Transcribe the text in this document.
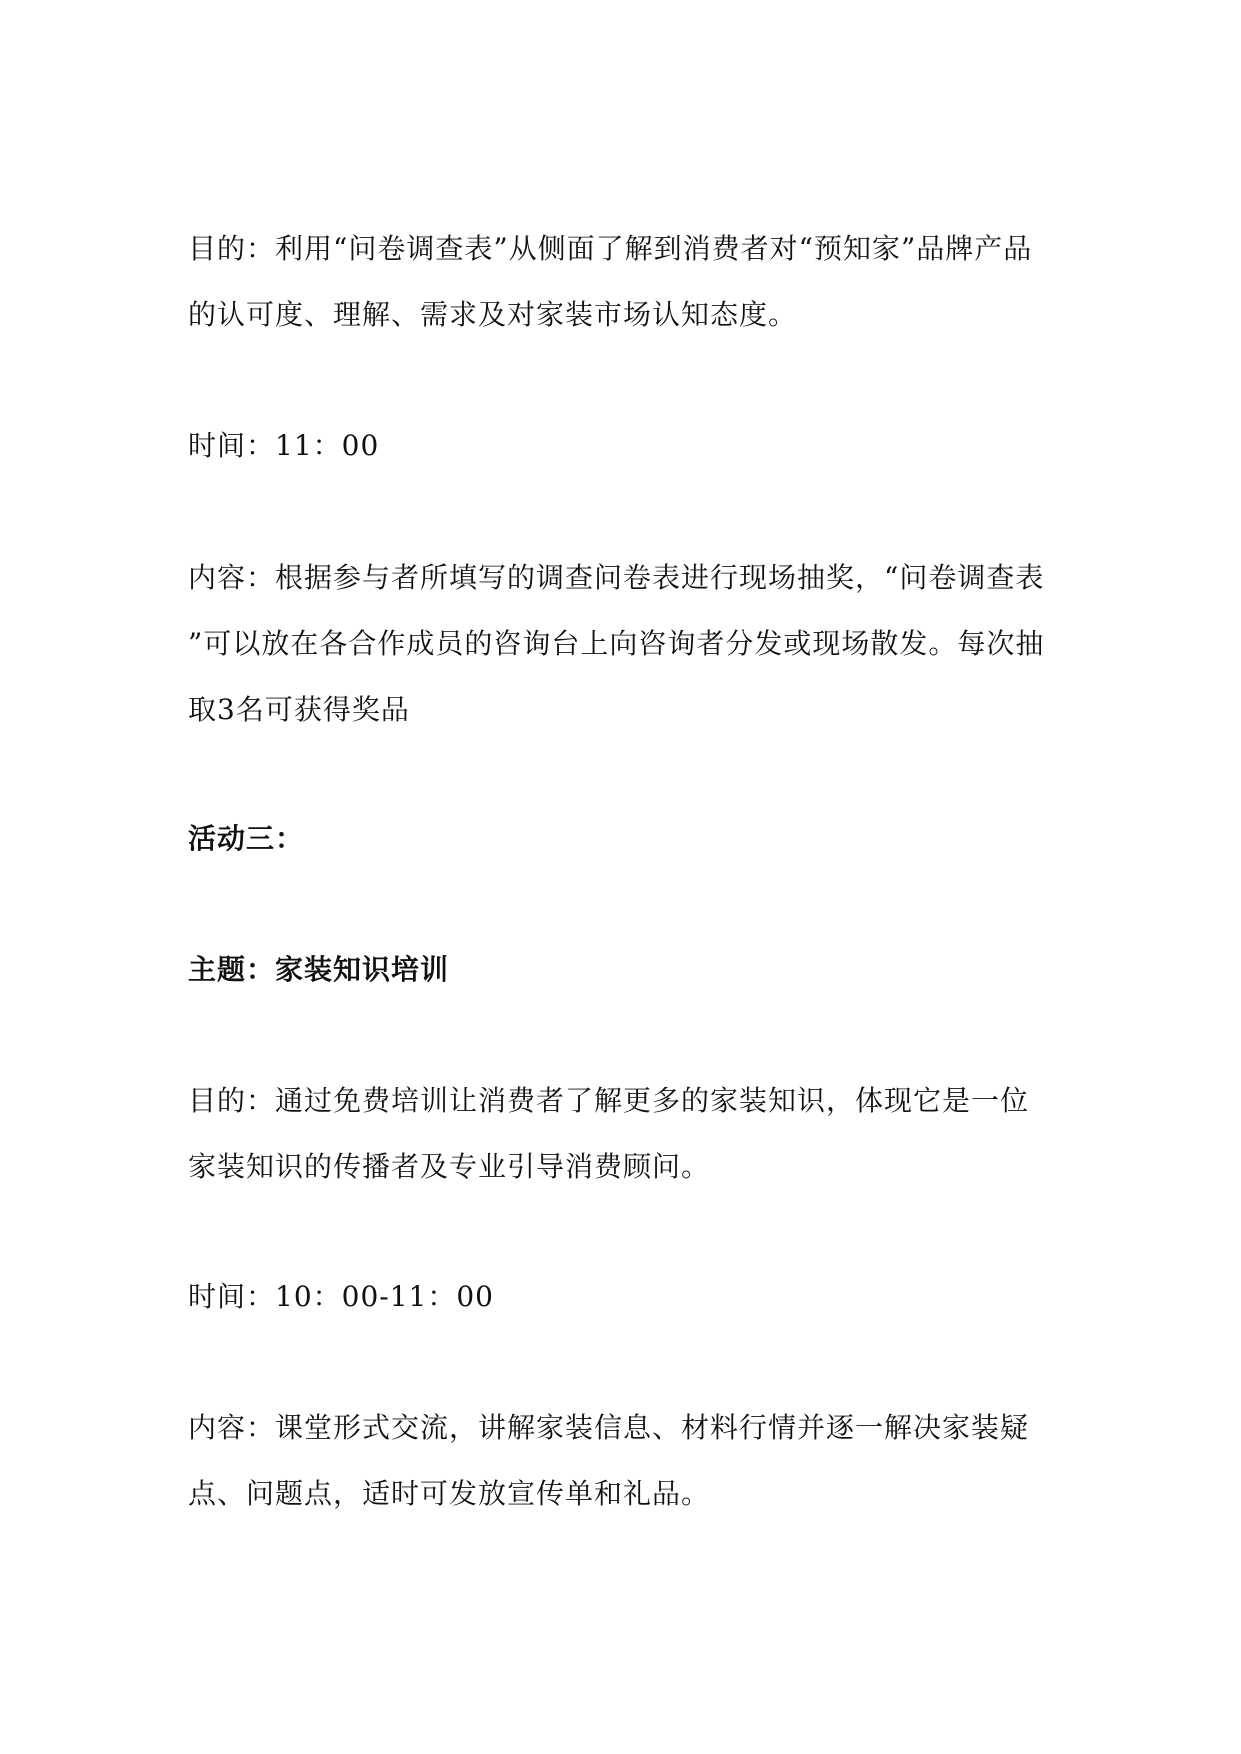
目的：利用“问卷调查表”从侧面了解到消费者对“预知家”品牌产品
的认可度、理解、需求及对家装市场认知态度。

时间：11：00

内容：根据参与者所填写的调查问卷表进行现场抽奖，“问卷调查表
”可以放在各合作成员的咨询台上向咨询者分发或现场散发。每次抽
取3名可获得奖品

活动三：

主题：家装知识培训

目的：通过免费培训让消费者了解更多的家装知识，体现它是一位
家装知识的传播者及专业引导消费顾问。

时间：10：00-11：00

内容：课堂形式交流，讲解家装信息、材料行情并逐一解决家装疑
点、问题点，适时可发放宣传单和礼品。
